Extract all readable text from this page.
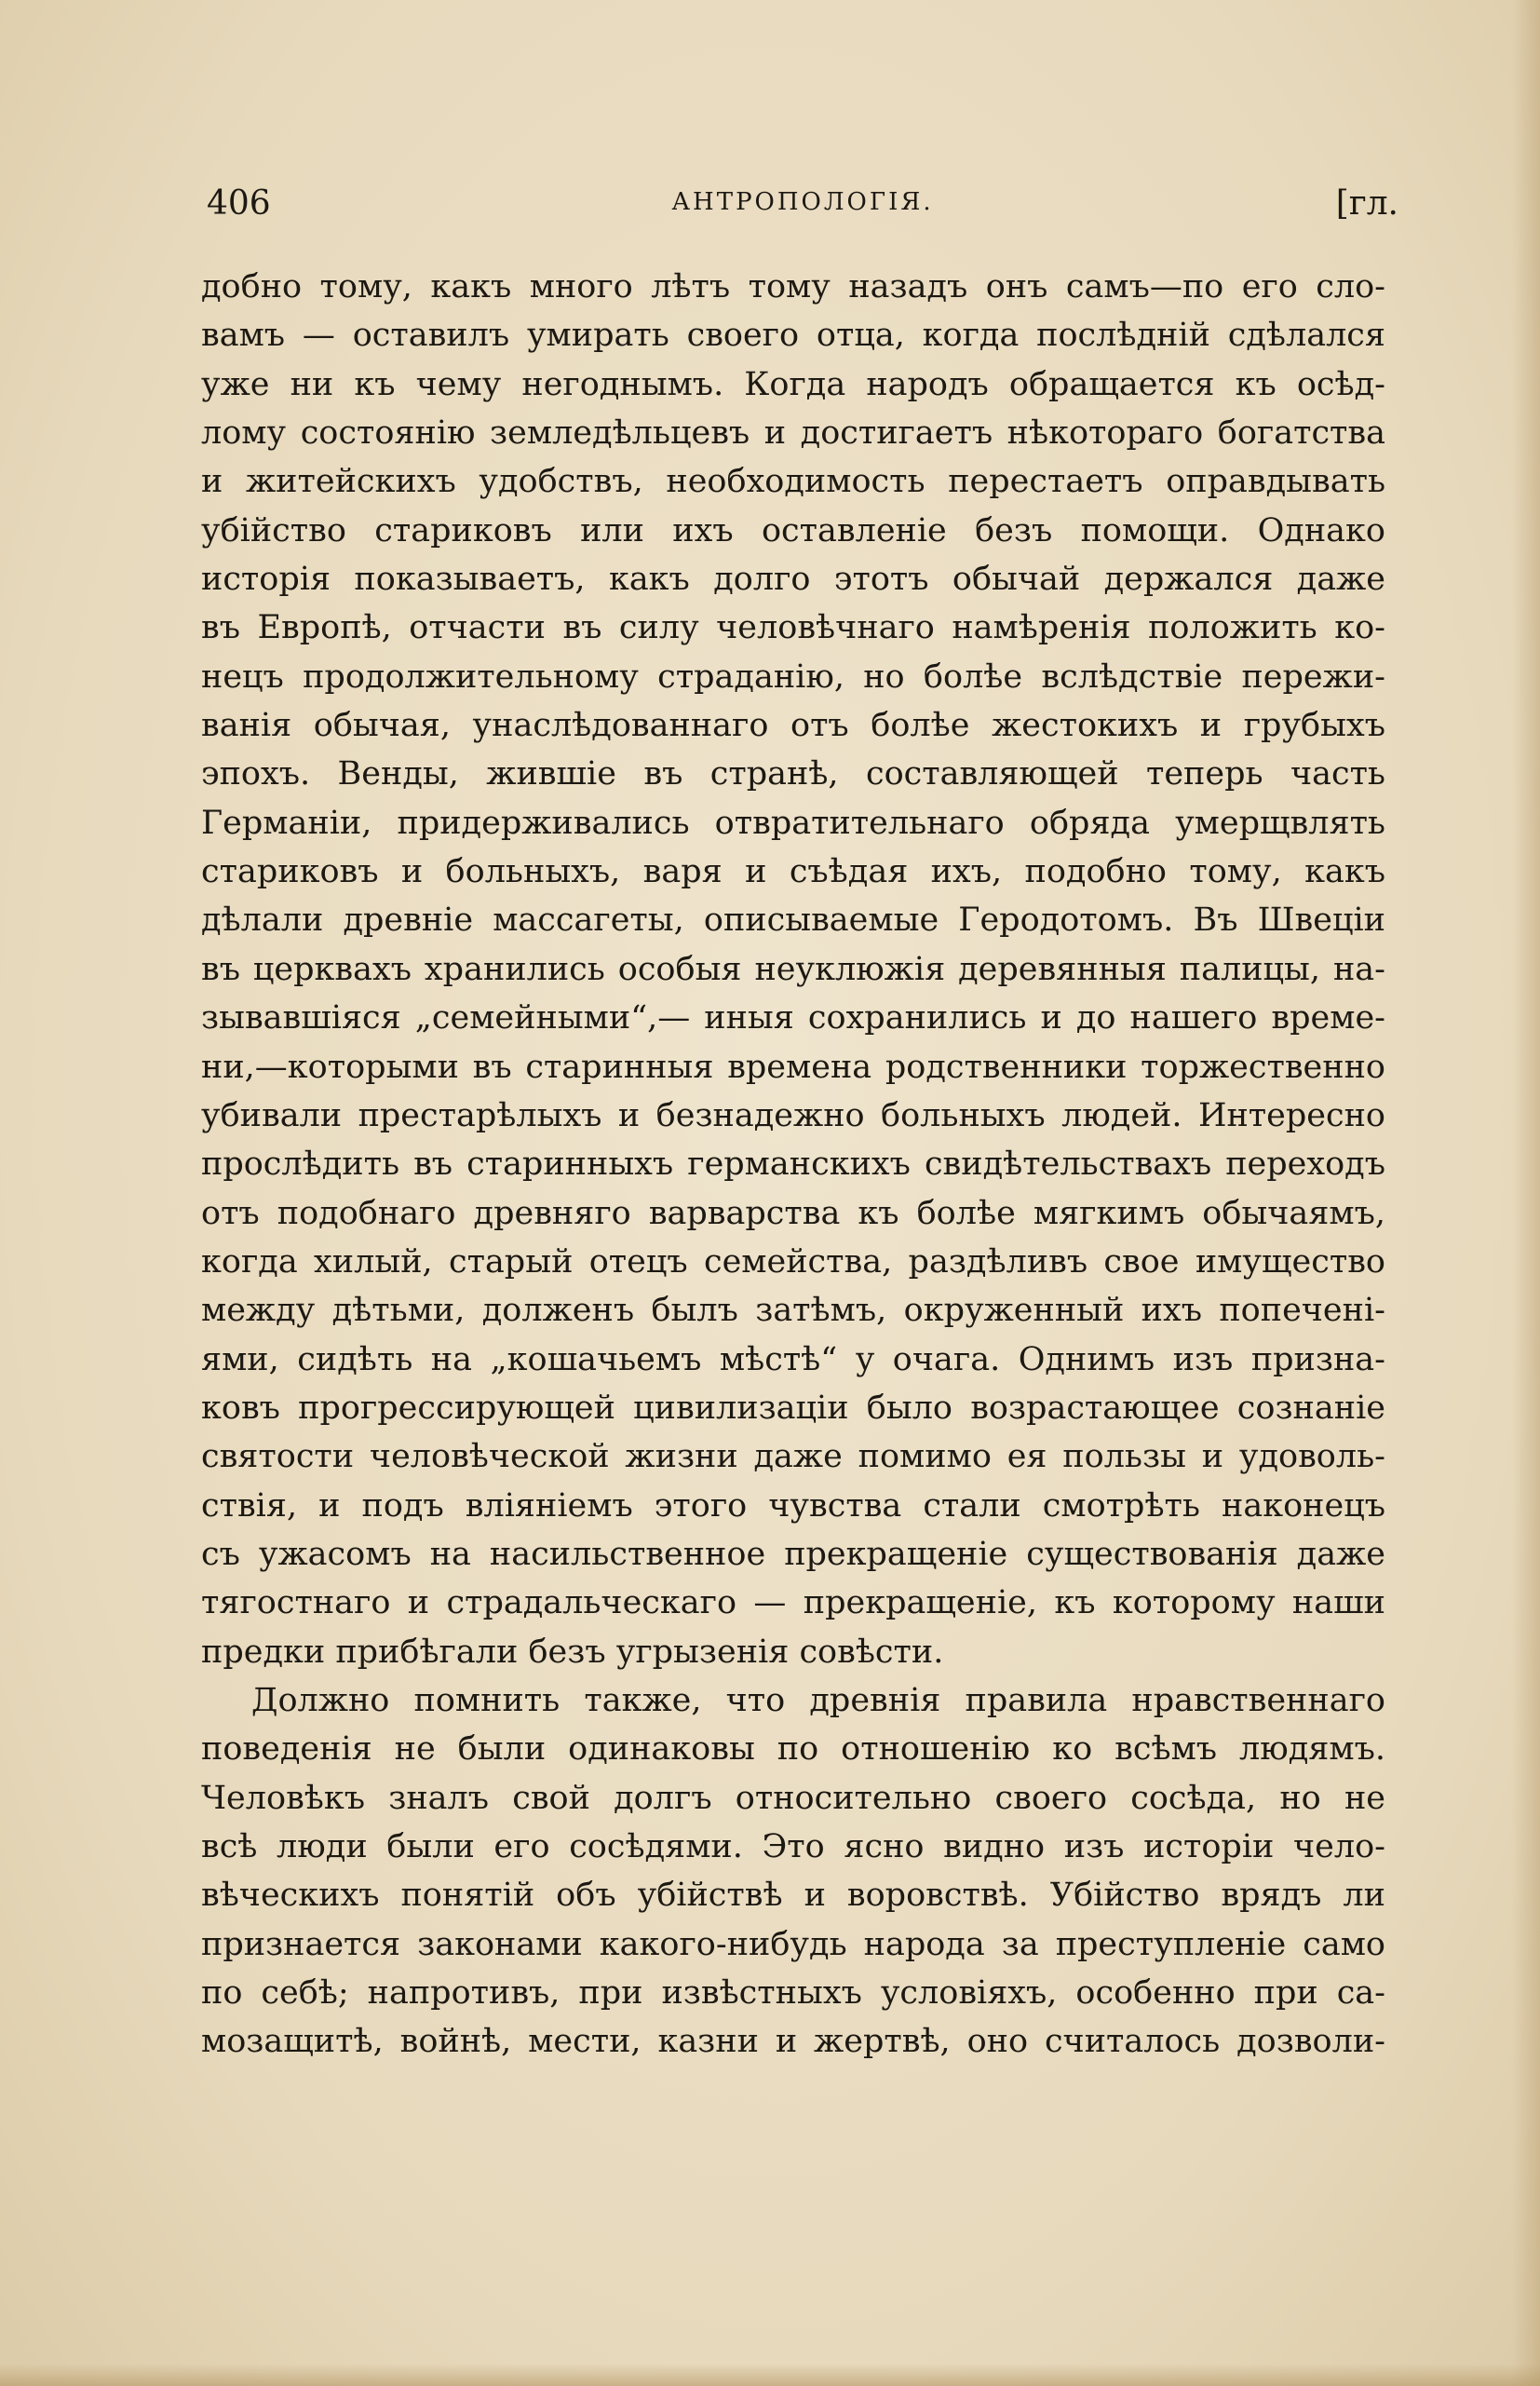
406	АНТРОПОЛОГІЯ.	[гл.
добно тому, какъ много лѣтъ тому назадъ онъ самъ—по его сло-
вамъ — оставилъ умирать своего отца, когда послѣдній сдѣлался
уже ни къ чему негоднымъ. Когда народъ обращается къ осѣд-
лому состоянію земледѣльцевъ и достигаетъ нѣкотораго богатства
и житейскихъ удобствъ, необходимость перестаетъ оправдывать
убійство стариковъ или ихъ оставленіе безъ помощи. Однако
исторія показываетъ, какъ долго этотъ обычай держался даже
въ Европѣ, отчасти въ силу человѣчнаго намѣренія положить ко-
нецъ продолжительному страданію, но болѣе вслѣдствіе пережи-
ванія обычая, унаслѣдованнаго отъ болѣе жестокихъ и грубыхъ
эпохъ. Венды, жившіе въ странѣ, составляющей теперь часть
Германіи, придерживались отвратительнаго обряда умерщвлять
стариковъ и больныхъ, варя и съѣдая ихъ, подобно тому, какъ
дѣлали древніе массагеты, описываемые Геродотомъ. Въ Швеціи
въ церквахъ хранились особыя неуклюжія деревянныя палицы, на-
зывавшіяся „семейными“,— иныя сохранились и до нашего време-
ни,—которыми въ старинныя времена родственники торжественно
убивали престарѣлыхъ и безнадежно больныхъ людей. Интересно
прослѣдить въ старинныхъ германскихъ свидѣтельствахъ переходъ
отъ подобнаго древняго варварства къ болѣе мягкимъ обычаямъ,
когда хилый, старый отецъ семейства, раздѣливъ свое имущество
между дѣтьми, долженъ былъ затѣмъ, окруженный ихъ попеченi-
ями, сидѣть на „кошачьемъ мѣстѣ“ у очага. Однимъ изъ призна-
ковъ прогрессирующей цивилизаціи было возрастающее сознаніе
святости человѣческой жизни даже помимо ея пользы и удоволь-
ствія, и подъ вліяніемъ этого чувства стали смотрѣть наконецъ
съ ужасомъ на насильственное прекращеніе существованія даже
тягостнаго и страдальческаго — прекращеніе, къ которому наши
предки прибѣгали безъ угрызенія совѣсти.
Должно помнить также, что древнія правила нравственнаго
поведенія не были одинаковы по отношенію ко всѣмъ людямъ.
Человѣкъ зналъ свой долгъ относительно своего сосѣда, но не
всѣ люди были его сосѣдями. Это ясно видно изъ исторіи чело-
вѣческихъ понятій объ убійствѣ и воровствѣ. Убійство врядъ ли
признается законами какого-нибудь народа за преступленіе само
по себѣ; напротивъ, при извѣстныхъ условіяхъ, особенно при са-
мозащитѣ, войнѣ, мести, казни и жертвѣ, оно считалось дозволи-
